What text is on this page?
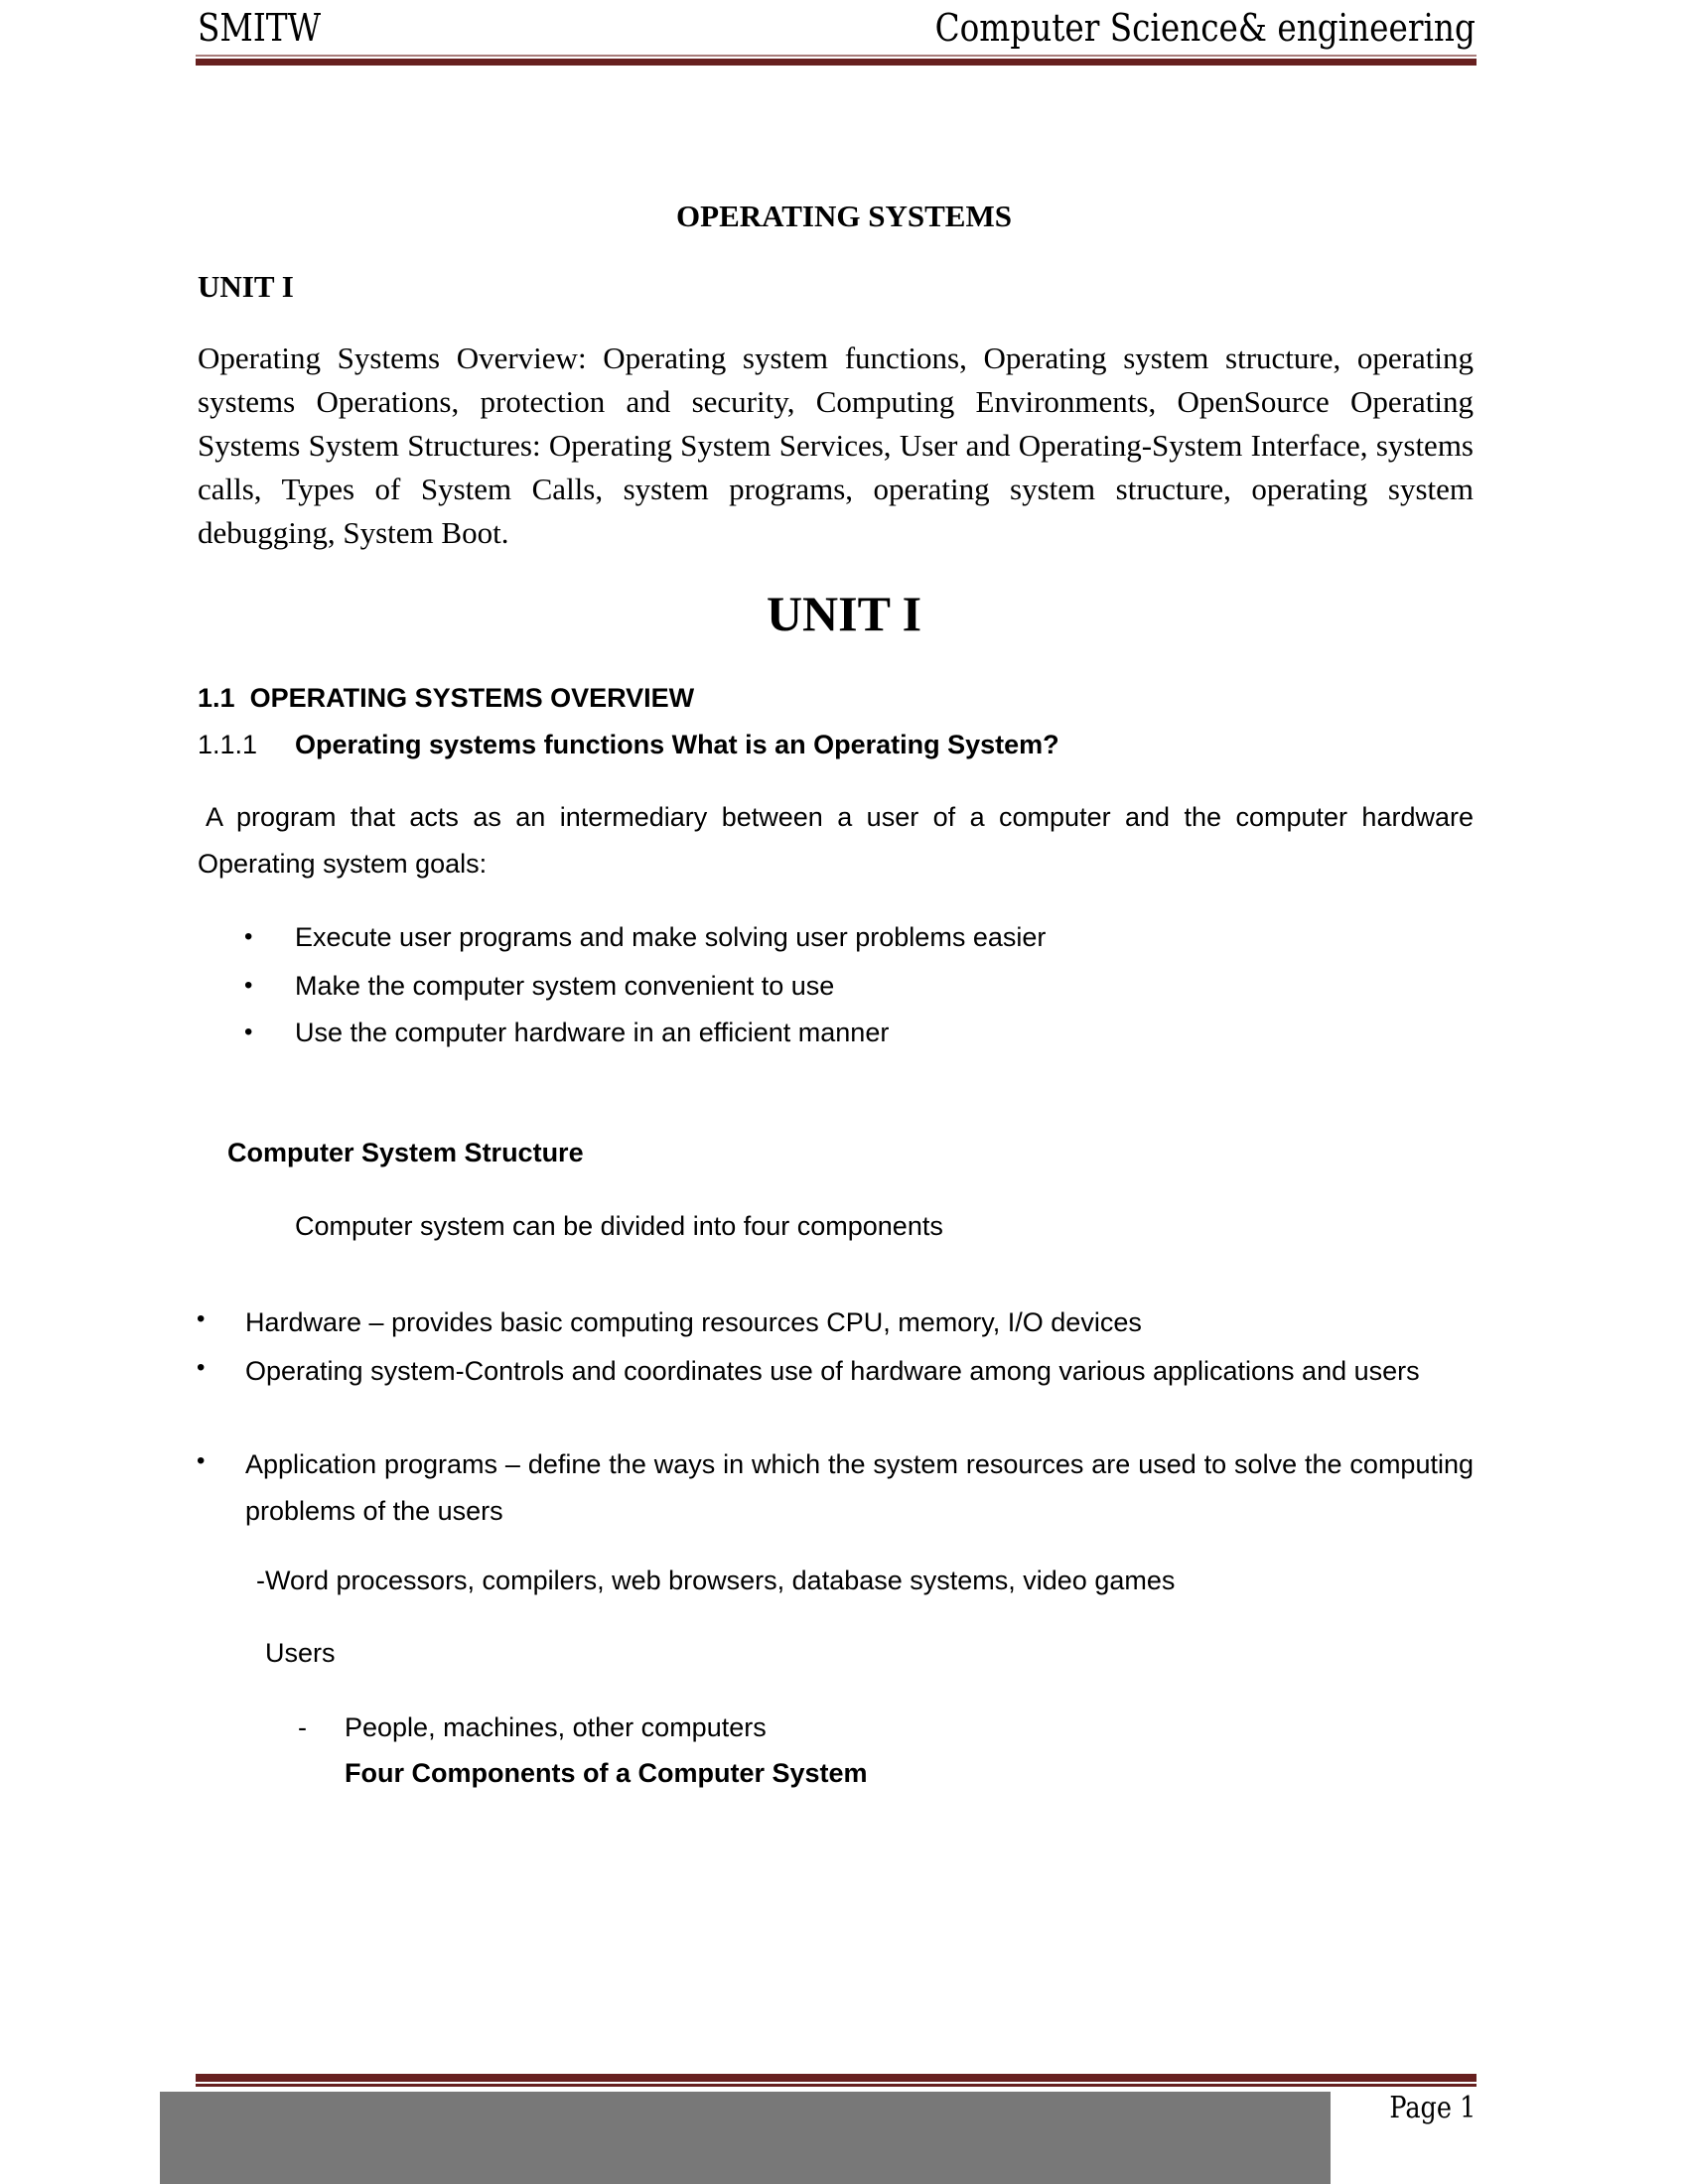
SMITW	Computer Science& engineering
OPERATING SYSTEMS
UNIT I
Operating Systems Overview: Operating system functions, Operating system structure, operating systems Operations, protection and security, Computing Environments, OpenSource Operating Systems System Structures: Operating System Services, User and Operating-System Interface, systems calls, Types of System Calls, system programs, operating system structure, operating system debugging, System Boot.
UNIT I
1.1 OPERATING SYSTEMS OVERVIEW
1.1.1 Operating systems functions What is an Operating System?
A program that acts as an intermediary between a user of a computer and the computer hardware Operating system goals:
• Execute user programs and make solving user problems easier
• Make the computer system convenient to use
• Use the computer hardware in an efficient manner
Computer System Structure
Computer system can be divided into four components
• Hardware – provides basic computing resources CPU, memory, I/O devices
• Operating system-Controls and coordinates use of hardware among various applications and users
• Application programs – define the ways in which the system resources are used to solve the computing problems of the users
-Word processors, compilers, web browsers, database systems, video games
Users
- People, machines, other computers
Four Components of a Computer System
Page 1
